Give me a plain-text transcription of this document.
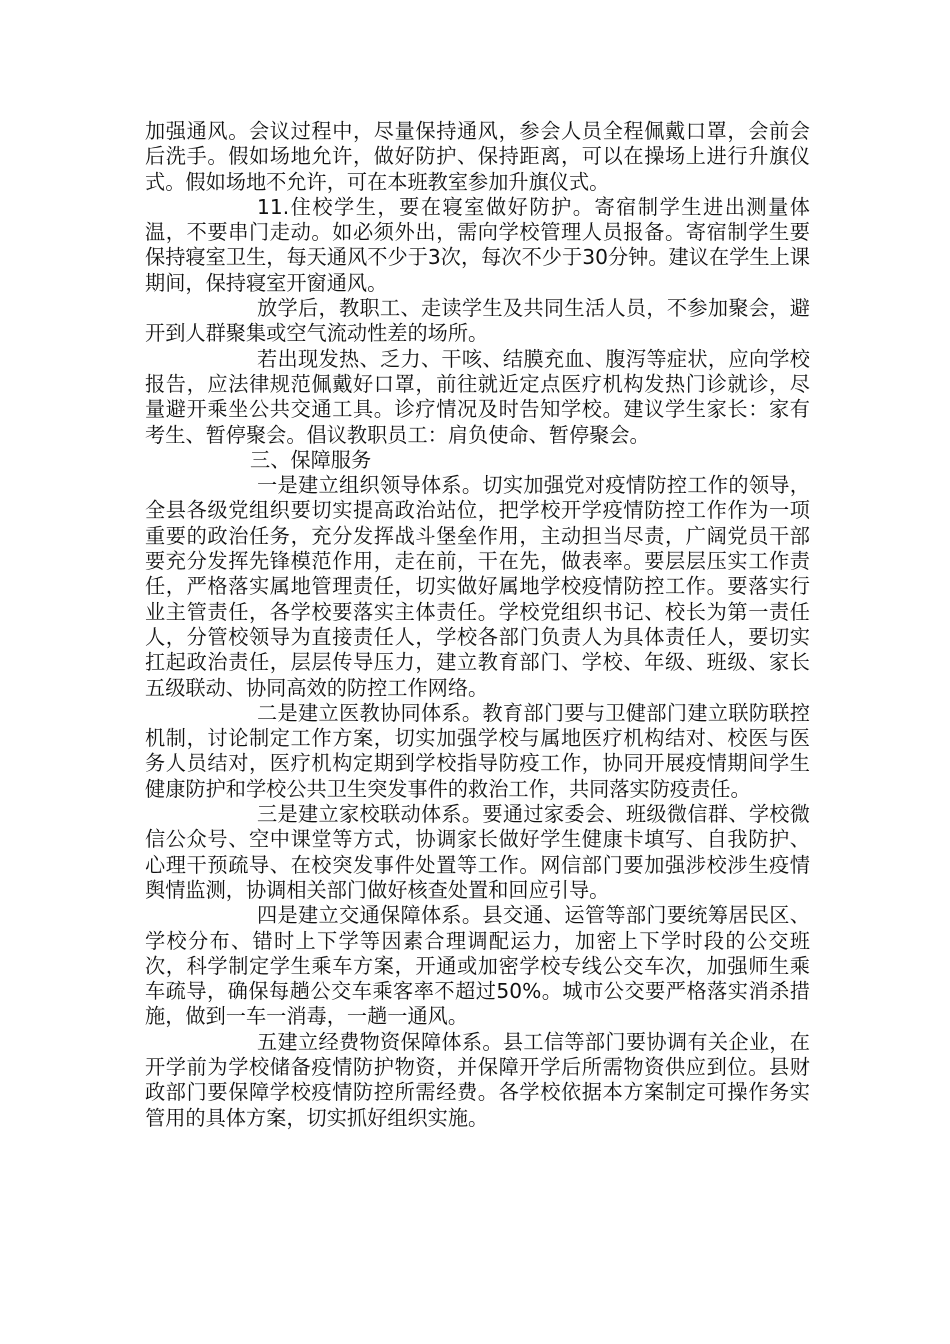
加强通风。会议过程中，尽量保持通风，参会人员全程佩戴口罩，会前会后洗手。假如场地允许，做好防护、保持距离，可以在操场上进行升旗仪式。假如场地不允许，可在本班教室参加升旗仪式。

11.住校学生，要在寝室做好防护。寄宿制学生进出测量体温，不要串门走动。如必须外出，需向学校管理人员报备。寄宿制学生要保持寝室卫生，每天通风不少于3次，每次不少于30分钟。建议在学生上课期间，保持寝室开窗通风。

放学后，教职工、走读学生及共同生活人员，不参加聚会，避开到人群聚集或空气流动性差的场所。

若出现发热、乏力、干咳、结膜充血、腹泻等症状，应向学校报告，应法律规范佩戴好口罩，前往就近定点医疗机构发热门诊就诊，尽量避开乘坐公共交通工具。诊疗情况及时告知学校。建议学生家长：家有考生、暂停聚会。倡议教职员工：肩负使命、暂停聚会。

三、保障服务

一是建立组织领导体系。切实加强党对疫情防控工作的领导，全县各级党组织要切实提高政治站位，把学校开学疫情防控工作作为一项重要的政治任务，充分发挥战斗堡垒作用，主动担当尽责，广阔党员干部要充分发挥先锋模范作用，走在前，干在先，做表率。要层层压实工作责任，严格落实属地管理责任，切实做好属地学校疫情防控工作。要落实行业主管责任，各学校要落实主体责任。学校党组织书记、校长为第一责任人，分管校领导为直接责任人，学校各部门负责人为具体责任人，要切实扛起政治责任，层层传导压力，建立教育部门、学校、年级、班级、家长五级联动、协同高效的防控工作网络。

二是建立医教协同体系。教育部门要与卫健部门建立联防联控机制，讨论制定工作方案，切实加强学校与属地医疗机构结对、校医与医务人员结对，医疗机构定期到学校指导防疫工作，协同开展疫情期间学生健康防护和学校公共卫生突发事件的救治工作，共同落实防疫责任。

三是建立家校联动体系。要通过家委会、班级微信群、学校微信公众号、空中课堂等方式，协调家长做好学生健康卡填写、自我防护、心理干预疏导、在校突发事件处置等工作。网信部门要加强涉校涉生疫情舆情监测，协调相关部门做好核查处置和回应引导。

四是建立交通保障体系。县交通、运管等部门要统筹居民区、学校分布、错时上下学等因素合理调配运力，加密上下学时段的公交班次，科学制定学生乘车方案，开通或加密学校专线公交车次，加强师生乘车疏导，确保每趟公交车乘客率不超过50%。城市公交要严格落实消杀措施，做到一车一消毒，一趟一通风。

五建立经费物资保障体系。县工信等部门要协调有关企业，在开学前为学校储备疫情防护物资，并保障开学后所需物资供应到位。县财政部门要保障学校疫情防控所需经费。各学校依据本方案制定可操作务实管用的具体方案，切实抓好组织实施。
